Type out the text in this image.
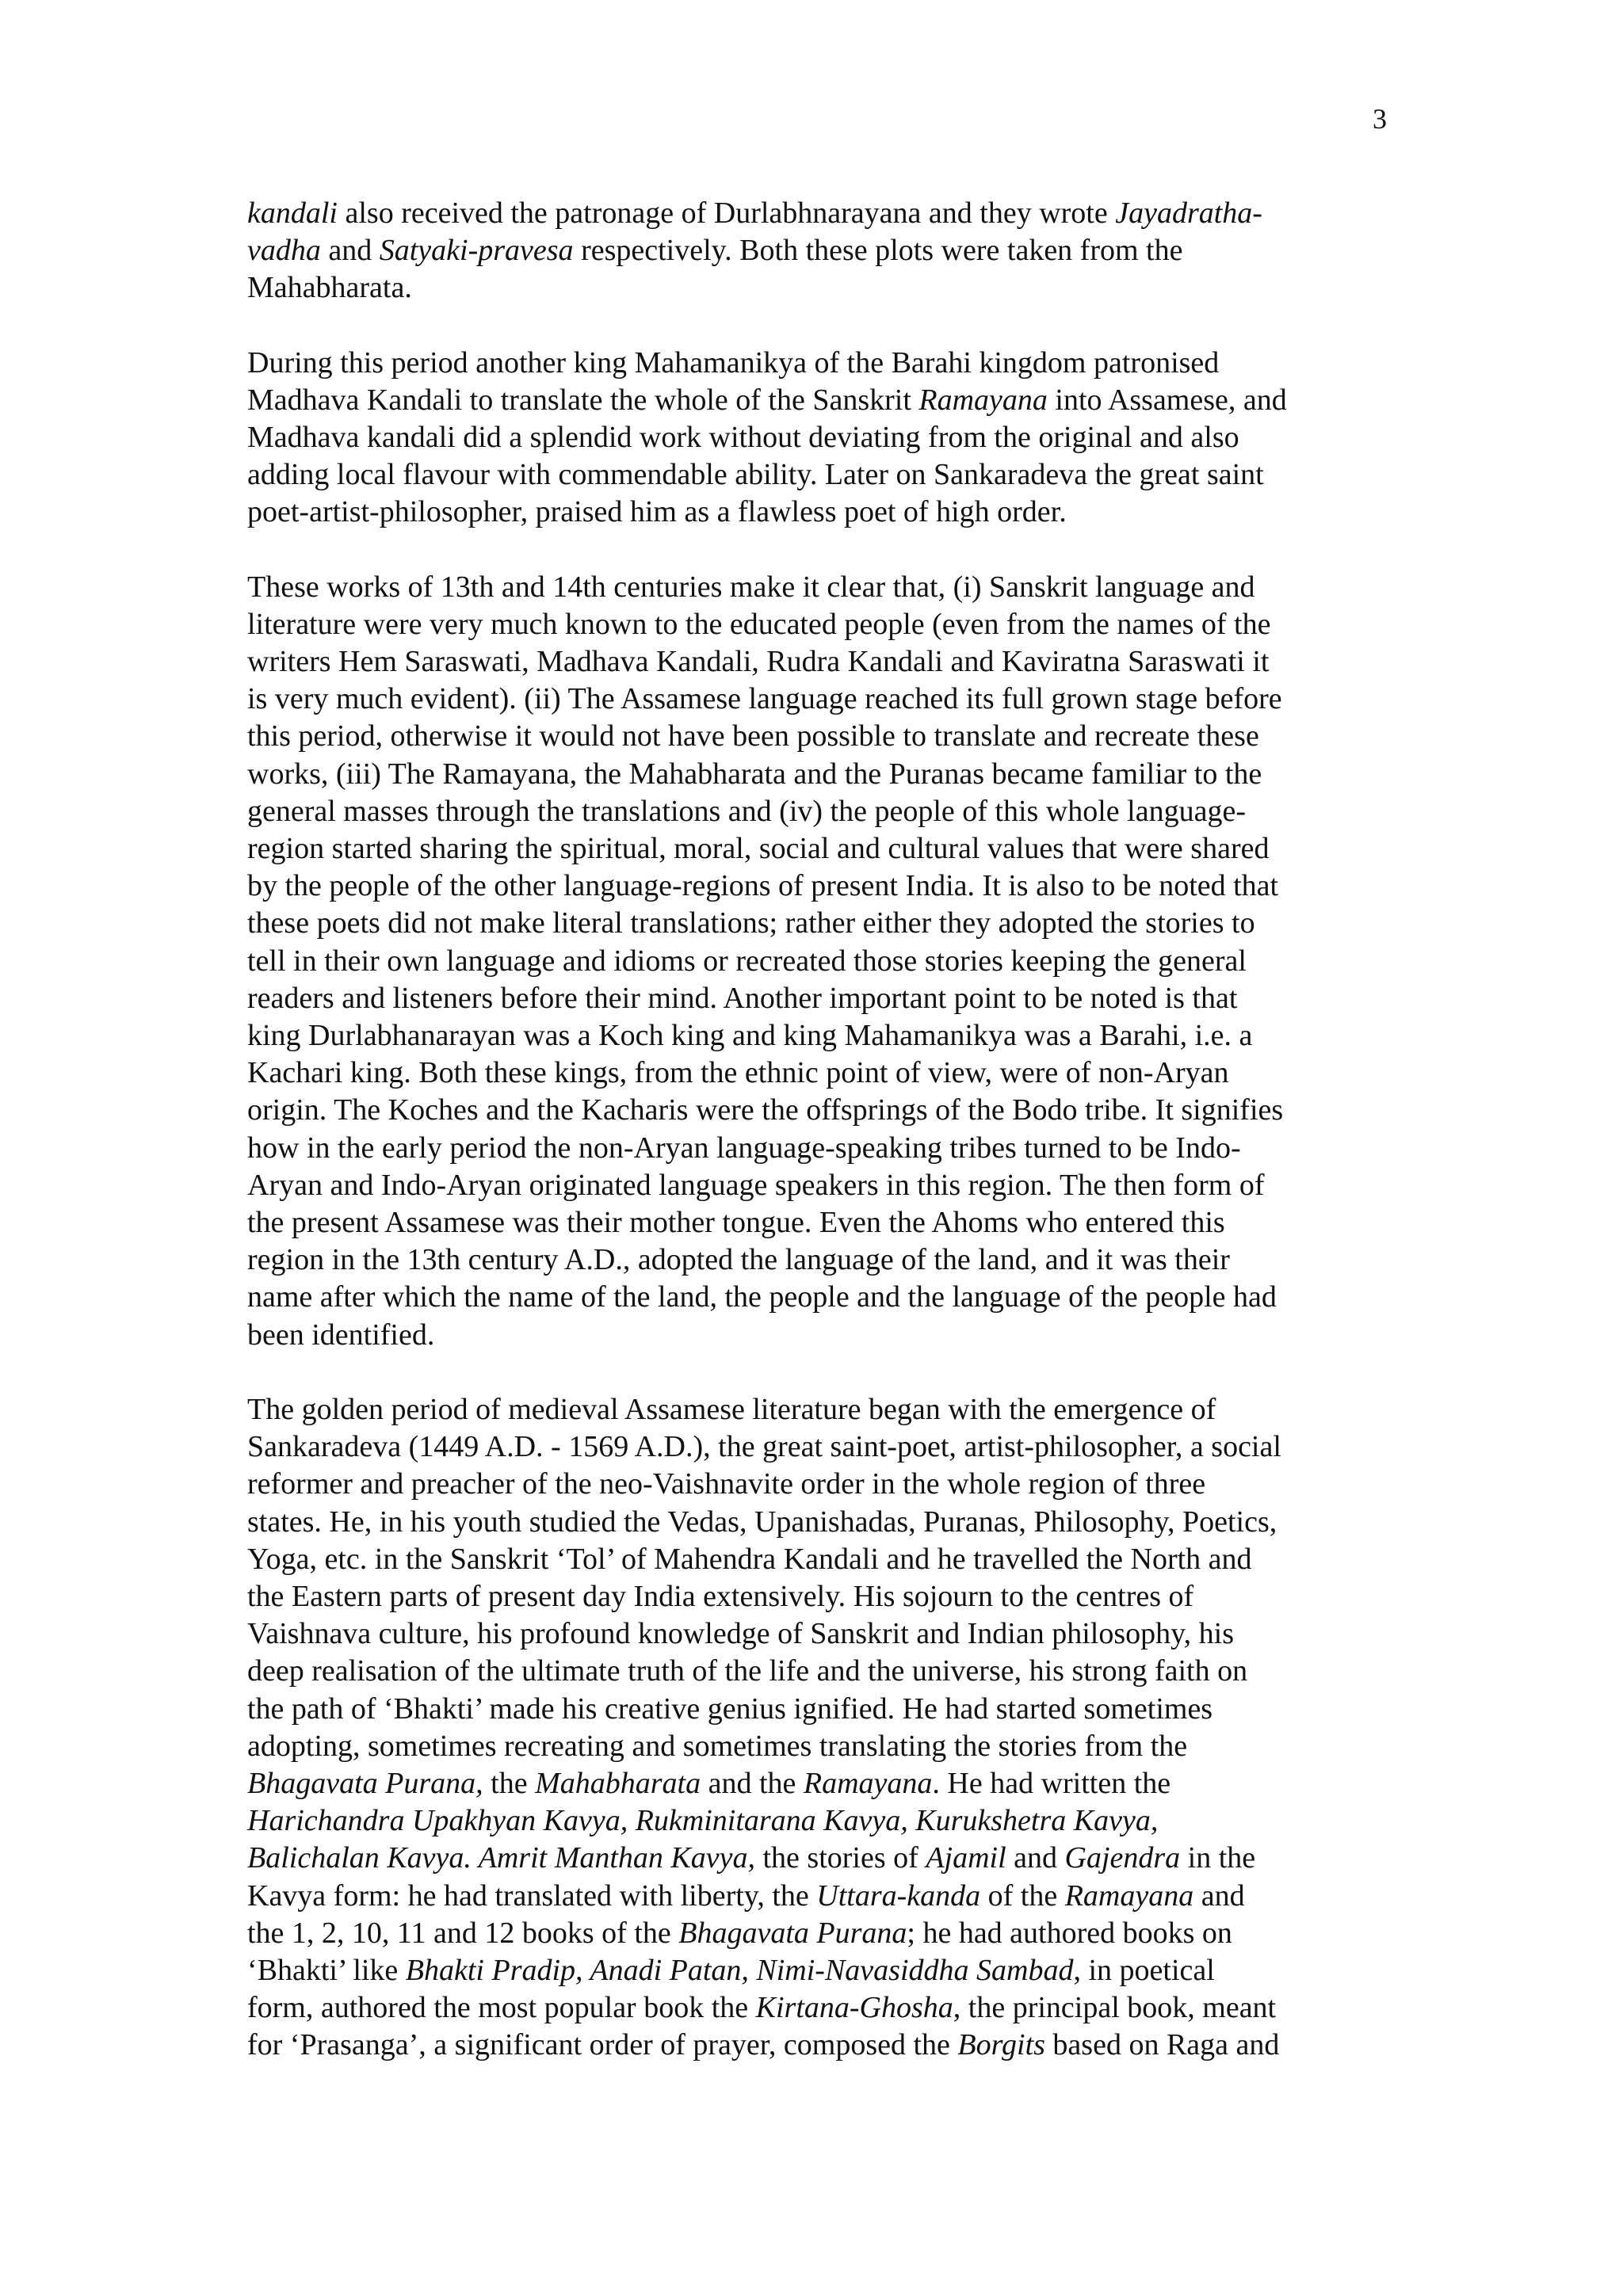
3
kandali also received the patronage of Durlabhnarayana and they wrote Jayadratha-
vadha and Satyaki-pravesa respectively. Both these plots were taken from the
Mahabharata.
During this period another king Mahamanikya of the Barahi kingdom patronised
Madhava Kandali to translate the whole of the Sanskrit Ramayana into Assamese, and
Madhava kandali did a splendid work without deviating from the original and also
adding local flavour with commendable ability. Later on Sankaradeva the great saint
poet-artist-philosopher, praised him as a flawless poet of high order.
These works of 13th and 14th centuries make it clear that, (i) Sanskrit language and
literature were very much known to the educated people (even from the names of the
writers Hem Saraswati, Madhava Kandali, Rudra Kandali and Kaviratna Saraswati it
is very much evident). (ii) The Assamese language reached its full grown stage before
this period, otherwise it would not have been possible to translate and recreate these
works, (iii) The Ramayana, the Mahabharata and the Puranas became familiar to the
general masses through the translations and (iv) the people of this whole language-
region started sharing the spiritual, moral, social and cultural values that were shared
by the people of the other language-regions of present India. It is also to be noted that
these poets did not make literal translations; rather either they adopted the stories to
tell in their own language and idioms or recreated those stories keeping the general
readers and listeners before their mind. Another important point to be noted is that
king Durlabhanarayan was a Koch king and king Mahamanikya was a Barahi, i.e. a
Kachari king. Both these kings, from the ethnic point of view, were of non-Aryan
origin. The Koches and the Kacharis were the offsprings of the Bodo tribe. It signifies
how in the early period the non-Aryan language-speaking tribes turned to be Indo-
Aryan and Indo-Aryan originated language speakers in this region. The then form of
the present Assamese was their mother tongue. Even the Ahoms who entered this
region in the 13th century A.D., adopted the language of the land, and it was their
name after which the name of the land, the people and the language of the people had
been identified.
The golden period of medieval Assamese literature began with the emergence of
Sankaradeva (1449 A.D. - 1569 A.D.), the great saint-poet, artist-philosopher, a social
reformer and preacher of the neo-Vaishnavite order in the whole region of three
states. He, in his youth studied the Vedas, Upanishadas, Puranas, Philosophy, Poetics,
Yoga, etc. in the Sanskrit ‘Tol’ of Mahendra Kandali and he travelled the North and
the Eastern parts of present day India extensively. His sojourn to the centres of
Vaishnava culture, his profound knowledge of Sanskrit and Indian philosophy, his
deep realisation of the ultimate truth of the life and the universe, his strong faith on
the path of ‘Bhakti’ made his creative genius ignified. He had started sometimes
adopting, sometimes recreating and sometimes translating the stories from the
Bhagavata Purana, the Mahabharata and the Ramayana. He had written the
Harichandra Upakhyan Kavya, Rukminitarana Kavya, Kurukshetra Kavya,
Balichalan Kavya. Amrit Manthan Kavya, the stories of Ajamil and Gajendra in the
Kavya form: he had translated with liberty, the Uttara-kanda of the Ramayana and
the 1, 2, 10, 11 and 12 books of the Bhagavata Purana; he had authored books on
‘Bhakti’ like Bhakti Pradip, Anadi Patan, Nimi-Navasiddha Sambad, in poetical
form, authored the most popular book the Kirtana-Ghosha, the principal book, meant
for ‘Prasanga’, a significant order of prayer, composed the Borgits based on Raga and
